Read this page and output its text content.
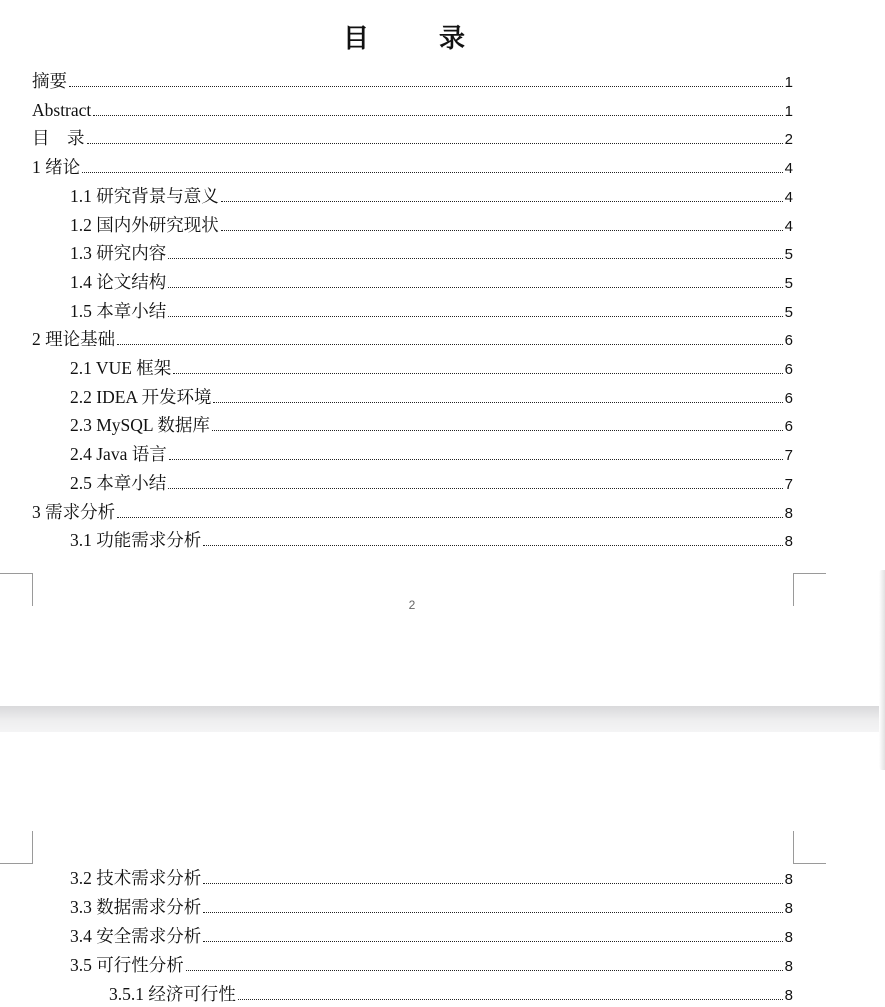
目　录
2
摘要	1
Abstract	1
目　录	2
1 绪论	4
1.1 研究背景与意义	4
1.2 国内外研究现状	4
1.3 研究内容	5
1.4 论文结构	5
1.5 本章小结	5
2 理论基础	6
2.1 VUE 框架	6
2.2 IDEA 开发环境	6
2.3 MySQL 数据库	6
2.4 Java 语言	7
2.5 本章小结	7
3 需求分析	8
3.1 功能需求分析	8
3.2 技术需求分析	8
3.3 数据需求分析	8
3.4 安全需求分析	8
3.5 可行性分析	8
3.5.1 经济可行性	8
